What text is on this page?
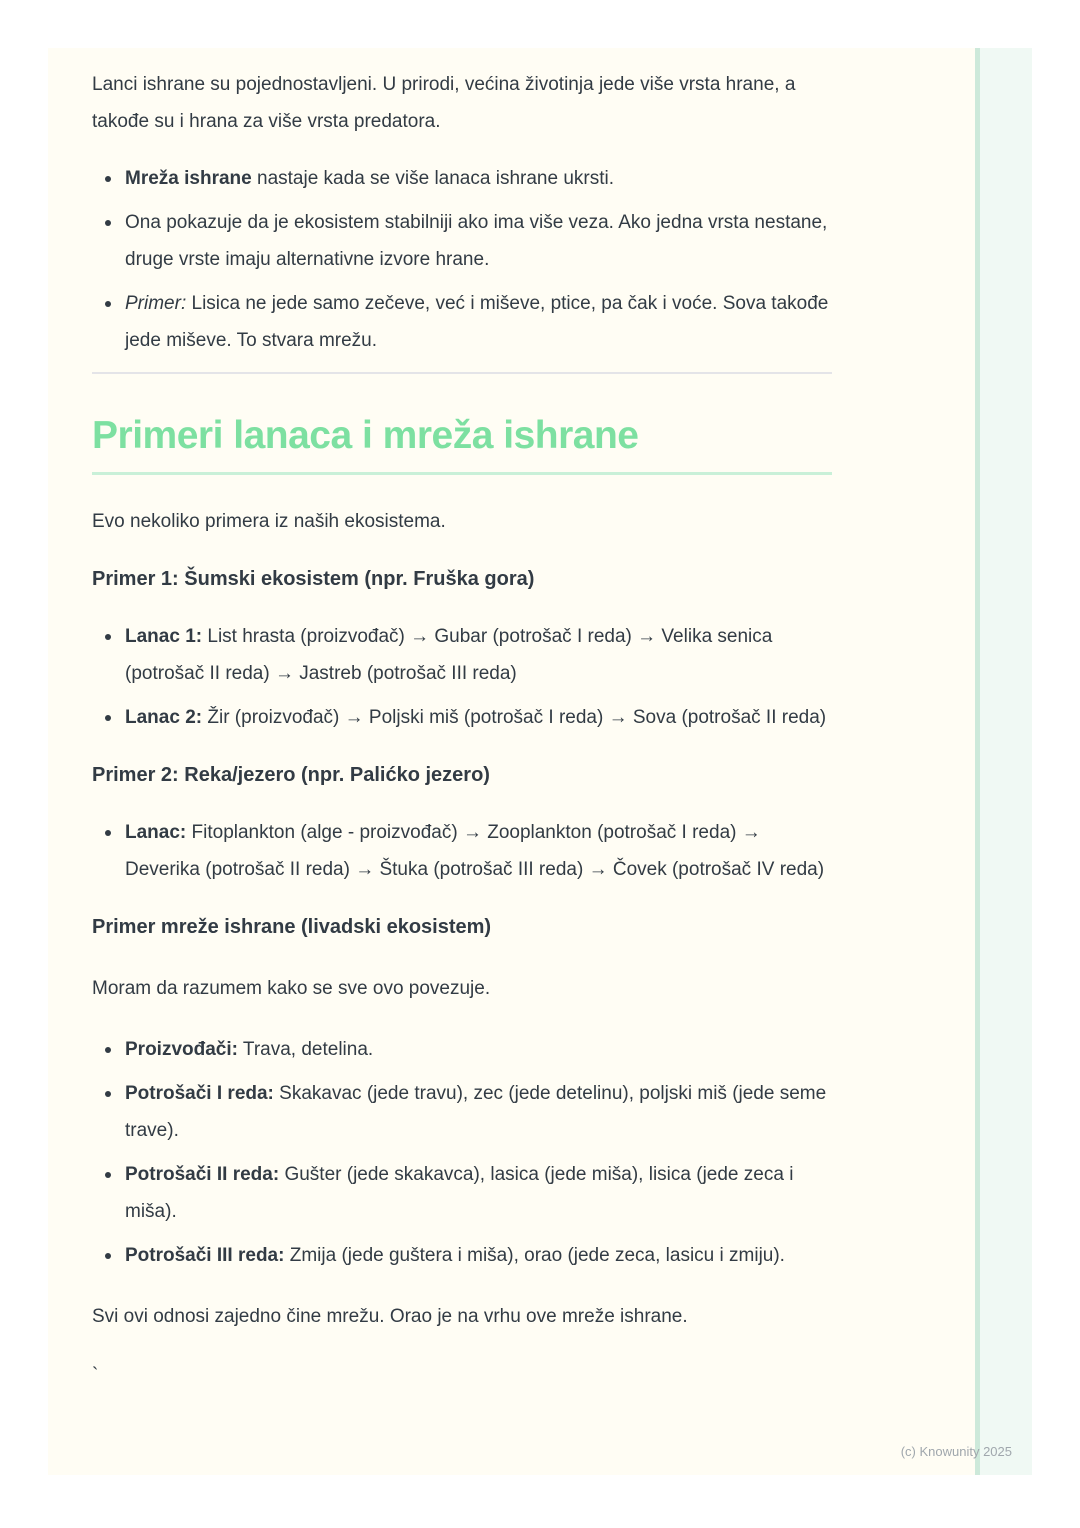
Lanci ishrane su pojednostavljeni. U prirodi, većina životinja jede više vrsta hrane, a takođe su i hrana za više vrsta predatora.

Mreža ishrane nastaje kada se više lanaca ishrane ukrsti.
Ona pokazuje da je ekosistem stabilniji ako ima više veza. Ako jedna vrsta nestane, druge vrste imaju alternativne izvore hrane.
Primer: Lisica ne jede samo zečeve, već i miševe, ptice, pa čak i voće. Sova takođe jede miševe. To stvara mrežu.
Primeri lanaca i mreža ishrane

Evo nekoliko primera iz naših ekosistema.

Primer 1: Šumski ekosistem (npr. Fruška gora)
Lanac 1: List hrasta (proizvođač) → Gubar (potrošač I reda) → Velika senica (potrošač II reda) → Jastreb (potrošač III reda)
Lanac 2: Žir (proizvođač) → Poljski miš (potrošač I reda) → Sova (potrošač II reda)
Primer 2: Reka/jezero (npr. Palićko jezero)
Lanac: Fitoplankton (alge - proizvođač) → Zooplankton (potrošač I reda) → Deverika (potrošač II reda) → Štuka (potrošač III reda) → Čovek (potrošač IV reda)
Primer mreže ishrane (livadski ekosistem)

Moram da razumem kako se sve ovo povezuje.

Proizvođači: Trava, detelina.
Potrošači I reda: Skakavac (jede travu), zec (jede detelinu), poljski miš (jede seme trave).
Potrošači II reda: Gušter (jede skakavca), lasica (jede miša), lisica (jede zeca i miša).
Potrošači III reda: Zmija (jede guštera i miša), orao (jede zeca, lasicu i zmiju).

Svi ovi odnosi zajedno čine mrežu. Orao je na vrhu ove mreže ishrane.

`

(c) Knowunity 2025
